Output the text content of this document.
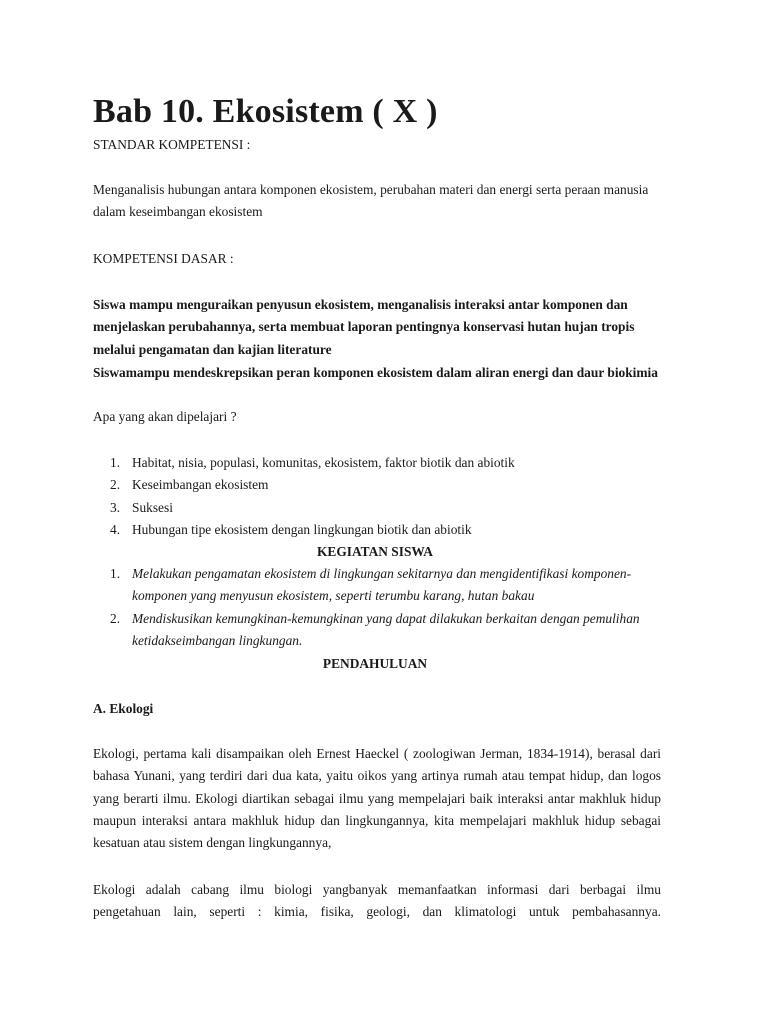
Bab 10. Ekosistem ( X )
STANDAR KOMPETENSI :
Menganalisis hubungan antara komponen ekosistem, perubahan materi dan energi serta peraan manusia dalam keseimbangan ekosistem
KOMPETENSI DASAR :
Siswa mampu menguraikan penyusun ekosistem, menganalisis interaksi antar komponen dan menjelaskan perubahannya, serta membuat laporan pentingnya konservasi hutan hujan tropis melalui pengamatan dan kajian literature
Siswamampu mendeskrepsikan peran komponen ekosistem dalam aliran energi dan daur biokimia
Apa yang akan dipelajari ?
1. Habitat, nisia, populasi, komunitas, ekosistem, faktor biotik dan abiotik
2. Keseimbangan ekosistem
3. Suksesi
4. Hubungan tipe ekosistem dengan lingkungan biotik dan abiotik
KEGIATAN SISWA
1. Melakukan pengamatan ekosistem di lingkungan sekitarnya dan mengidentifikasi komponen-komponen yang menyusun ekosistem, seperti terumbu karang, hutan bakau
2. Mendiskusikan kemungkinan-kemungkinan yang dapat dilakukan berkaitan dengan pemulihan ketidakseimbangan lingkungan.
PENDAHULUAN
A. Ekologi
Ekologi, pertama kali disampaikan oleh Ernest Haeckel ( zoologiwan Jerman, 1834-1914), berasal dari bahasa Yunani, yang terdiri dari dua kata, yaitu oikos yang artinya rumah atau tempat hidup, dan logos yang berarti ilmu. Ekologi diartikan sebagai ilmu yang mempelajari baik interaksi antar makhluk hidup maupun interaksi antara makhluk hidup dan lingkungannya, kita mempelajari makhluk hidup sebagai kesatuan atau sistem dengan lingkungannya,
Ekologi adalah cabang ilmu biologi yangbanyak memanfaatkan informasi dari berbagai ilmu pengetahuan lain, seperti : kimia, fisika, geologi, dan klimatologi untuk pembahasannya.
